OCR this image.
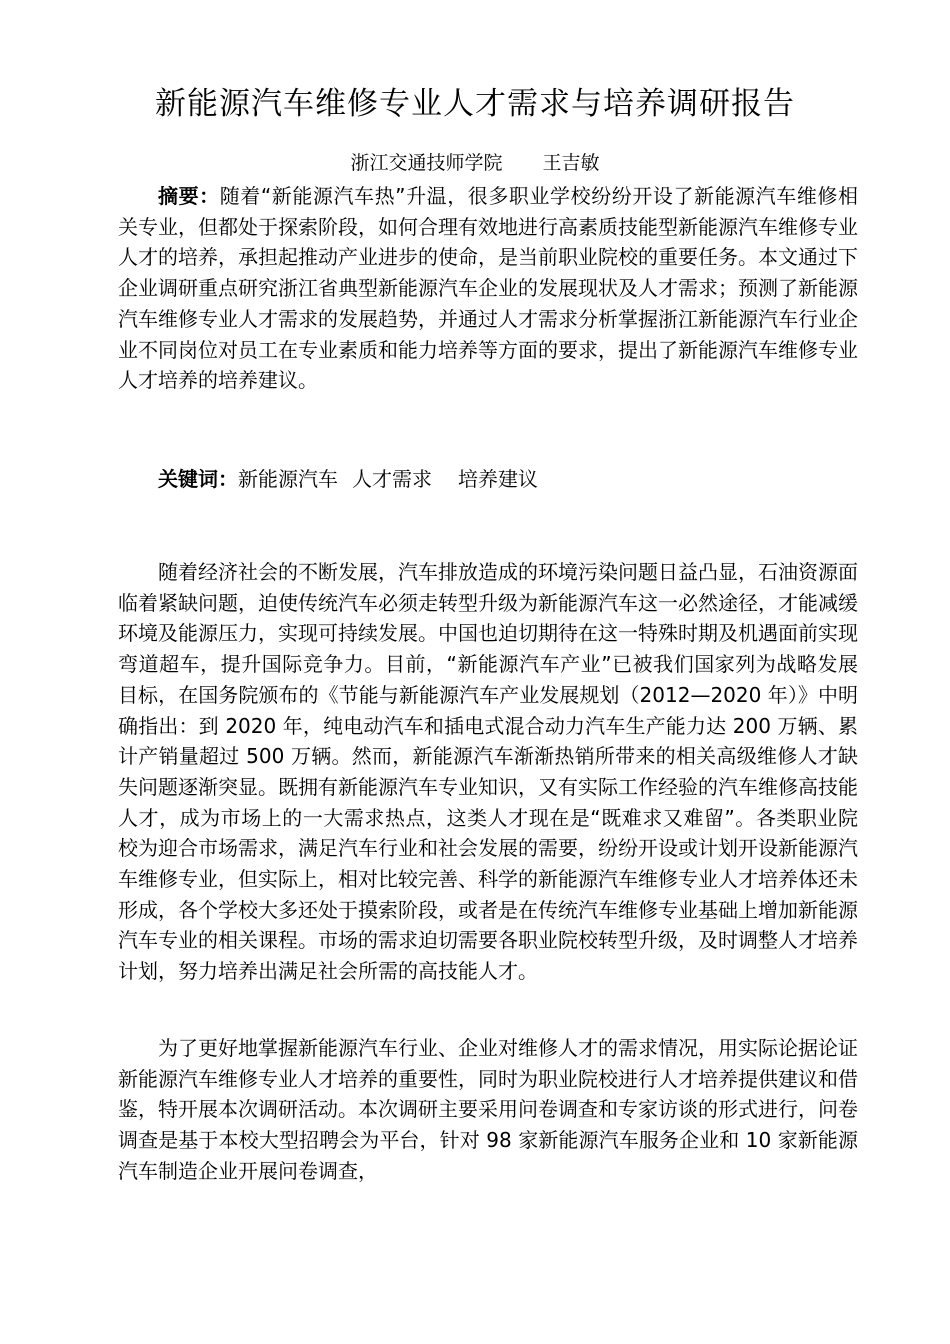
新能源汽车维修专业人才需求与培养调研报告
浙江交通技师学院 王吉敏
摘要：随着“新能源汽车热”升温，很多职业学校纷纷开设了新能源汽车维修相关专业，但都处于探索阶段，如何合理有效地进行高素质技能型新能源汽车维修专业人才的培养，承担起推动产业进步的使命，是当前职业院校的重要任务。本文通过下企业调研重点研究浙江省典型新能源汽车企业的发展现状及人才需求；预测了新能源汽车维修专业人才需求的发展趋势，并通过人才需求分析掌握浙江新能源汽车行业企业不同岗位对员工在专业素质和能力培养等方面的要求，提出了新能源汽车维修专业人才培养的培养建议。
关键词：新能源汽车 人才需求 培养建议
随着经济社会的不断发展，汽车排放造成的环境污染问题日益凸显，石油资源面临着紧缺问题，迫使传统汽车必须走转型升级为新能源汽车这一必然途径，才能减缓环境及能源压力，实现可持续发展。中国也迫切期待在这一特殊时期及机遇面前实现弯道超车，提升国际竞争力。目前，“新能源汽车产业”已被我们国家列为战略发展目标，在国务院颁布的《节能与新能源汽车产业发展规划（2012—2020 年）》中明确指出：到 2020 年，纯电动汽车和插电式混合动力汽车生产能力达 200 万辆、累计产销量超过 500 万辆。然而，新能源汽车渐渐热销所带来的相关高级维修人才缺失问题逐渐突显。既拥有新能源汽车专业知识，又有实际工作经验的汽车维修高技能人才，成为市场上的一大需求热点，这类人才现在是“既难求又难留”。各类职业院校为迎合市场需求，满足汽车行业和社会发展的需要，纷纷开设或计划开设新能源汽车维修专业，但实际上，相对比较完善、科学的新能源汽车维修专业人才培养体还未形成，各个学校大多还处于摸索阶段，或者是在传统汽车维修专业基础上增加新能源汽车专业的相关课程。市场的需求迫切需要各职业院校转型升级，及时调整人才培养计划，努力培养出满足社会所需的高技能人才。
为了更好地掌握新能源汽车行业、企业对维修人才的需求情况，用实际论据论证新能源汽车维修专业人才培养的重要性，同时为职业院校进行人才培养提供建议和借鉴，特开展本次调研活动。本次调研主要采用问卷调查和专家访谈的形式进行，问卷调查是基于本校大型招聘会为平台，针对 98 家新能源汽车服务企业和 10 家新能源汽车制造企业开展问卷调查，
